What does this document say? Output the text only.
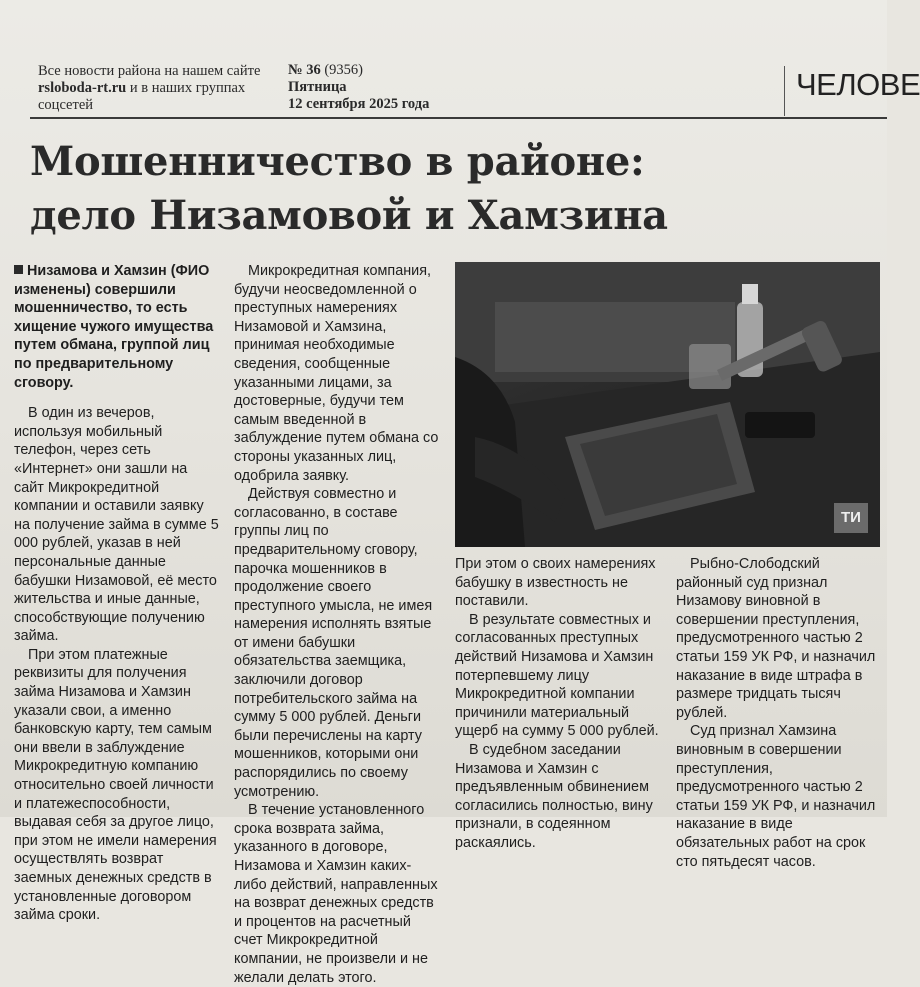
Все новости района на нашем сайте rsloboda-rt.ru и в наших группах соцсетей
№ 36 (9356)
Пятница
12 сентября 2025 года
ЧЕЛОВЕ
Мошенничество в районе:
дело Низамовой и Хамзина

Низамова и Хамзин (ФИО изменены) совершили мошенничество, то есть хищение чужого имущества путем обмана, группой лиц по предварительному сговору.

В один из вечеров, используя мобильный телефон, через сеть «Интернет» они зашли на сайт Микрокредитной компании и оставили заявку на получение займа в сумме 5 000 рублей, указав в ней персональные данные бабушки Низамовой, её место жительства и иные данные, способствующие получению займа.

При этом платежные реквизиты для получения займа Низамова и Хамзин указали свои, а именно банковскую карту, тем самым они ввели в заблуждение Микрокредитную компанию относительно своей личности и платежеспособности, выдавая себя за другое лицо, при этом не имели намерения осуществлять возврат заемных денежных средств в установленные договором займа сроки.

Микрокредитная компания, будучи неосведомленной о преступных намерениях Низамовой и Хамзина, принимая необходимые сведения, сообщенные указанными лицами, за достоверные, будучи тем самым введенной в заблуждение путем обмана со стороны указанных лиц, одобрила заявку.

Действуя совместно и согласованно, в составе группы лиц по предварительному сговору, парочка мошенников в продолжение своего преступного умысла, не имея намерения исполнять взятые от имени бабушки обязательства заемщика, заключили договор потребительского займа на сумму 5 000 рублей. Деньги были перечислены на карту мошенников, которыми они распорядились по своему усмотрению.

В течение установленного срока возврата займа, указанного в договоре, Низамова и Хамзин каких-либо действий, направленных на возврат денежных средств и процентов на расчетный счет Микрокредитной компании, не произвели и не желали делать этого.

ТИ

При этом о своих намерениях бабушку в известность не поставили.

В результате совместных и согласованных преступных действий Низамова и Хамзин потерпевшему лицу Микрокредитной компании причинили материальный ущерб на сумму 5 000 рублей.

В судебном заседании Низамова и Хамзин с предъявленным обвинением согласились полностью, вину признали, в содеянном раскаялись.

Рыбно-Слободский районный суд признал Низамову виновной в совершении преступления, предусмотренного частью 2 статьи 159 УК РФ, и назначил наказание в виде штрафа в размере тридцать тысяч рублей.

Суд признал Хамзина виновным в совершении преступления, предусмотренного частью 2 статьи 159 УК РФ, и назначил наказание в виде обязательных работ на срок сто пятьдесят часов.
